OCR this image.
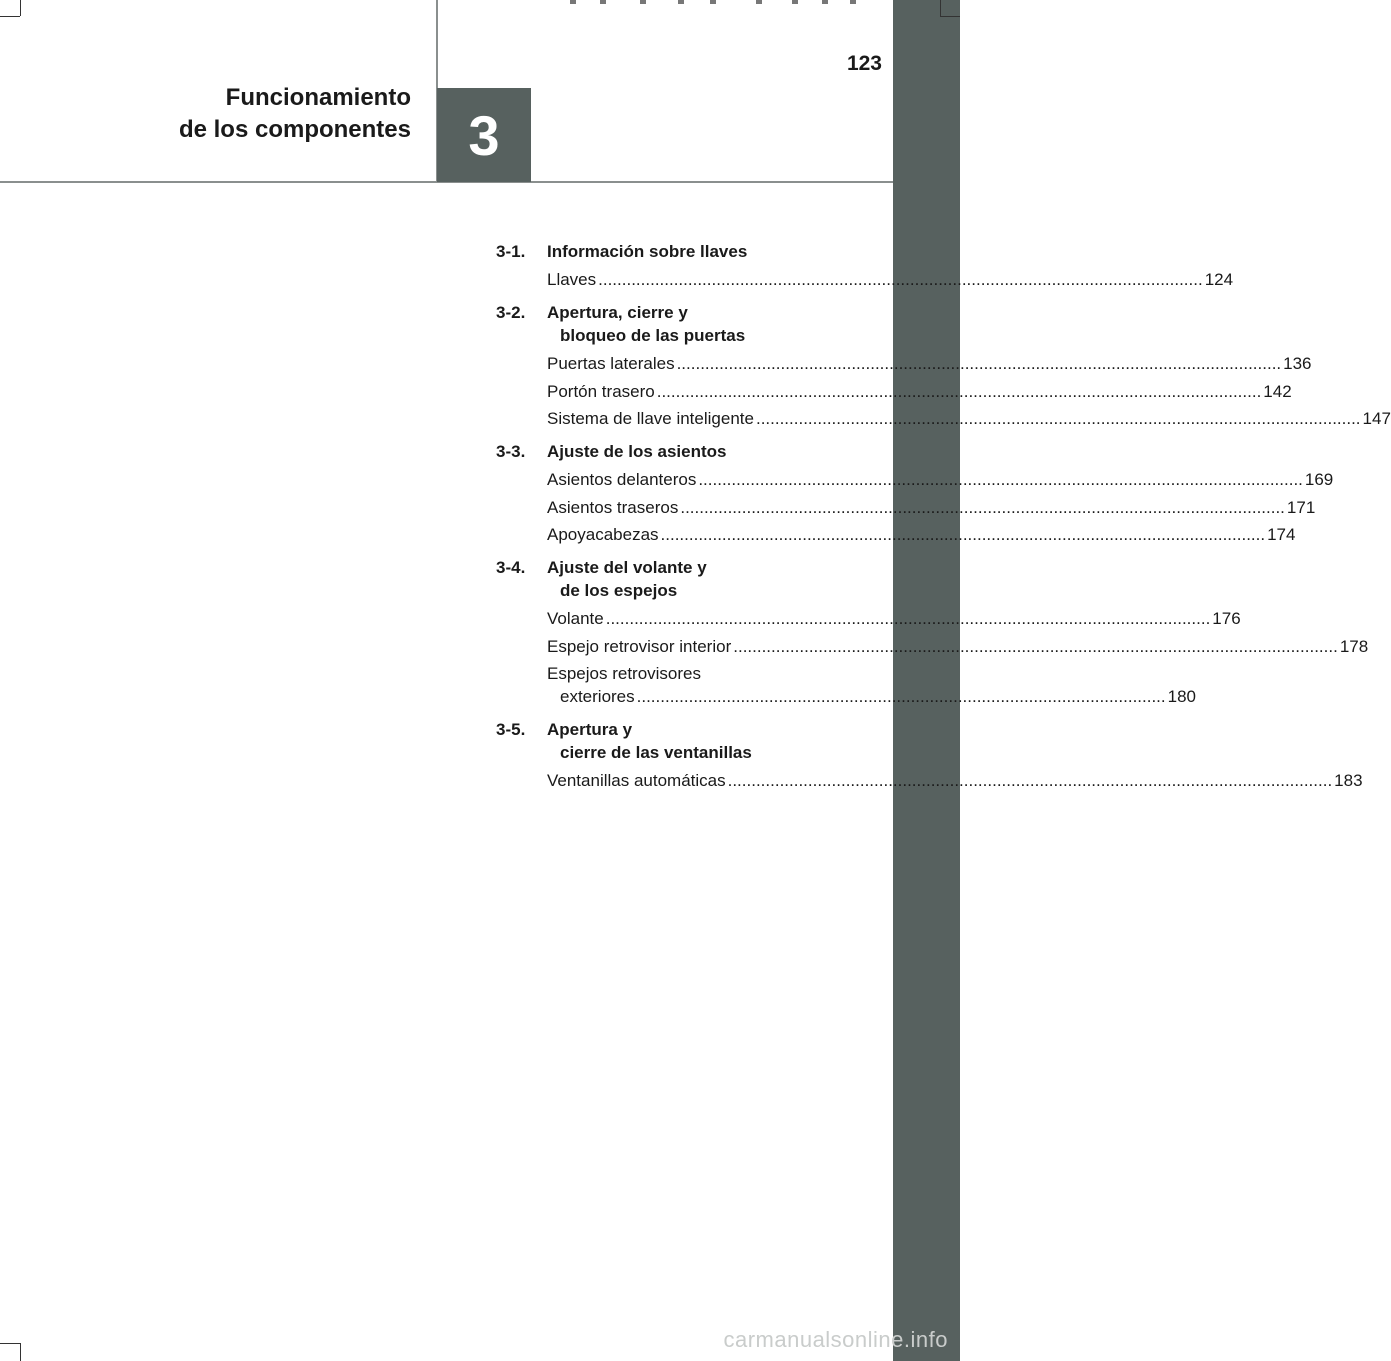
Funcionamiento
de los componentes 3
123
3-1.	Información sobre llaves
Llaves .....	124
3-2.	Apertura, cierre y
bloqueo de las puertas
Puertas laterales .....	136
Portón trasero .....	142
Sistema de llave inteligente .....	147
3-3.	Ajuste de los asientos
Asientos delanteros .....	169
Asientos traseros .....	171
Apoyacabezas .....	174
3-4.	Ajuste del volante y
de los espejos
Volante .....	176
Espejo retrovisor interior .....	178
Espejos retrovisores
exteriores ................................................................................................................ 180
3-5.	Apertura y
cierre de las ventanillas
Ventanillas automáticas .....	183
carmanualsonline.info
